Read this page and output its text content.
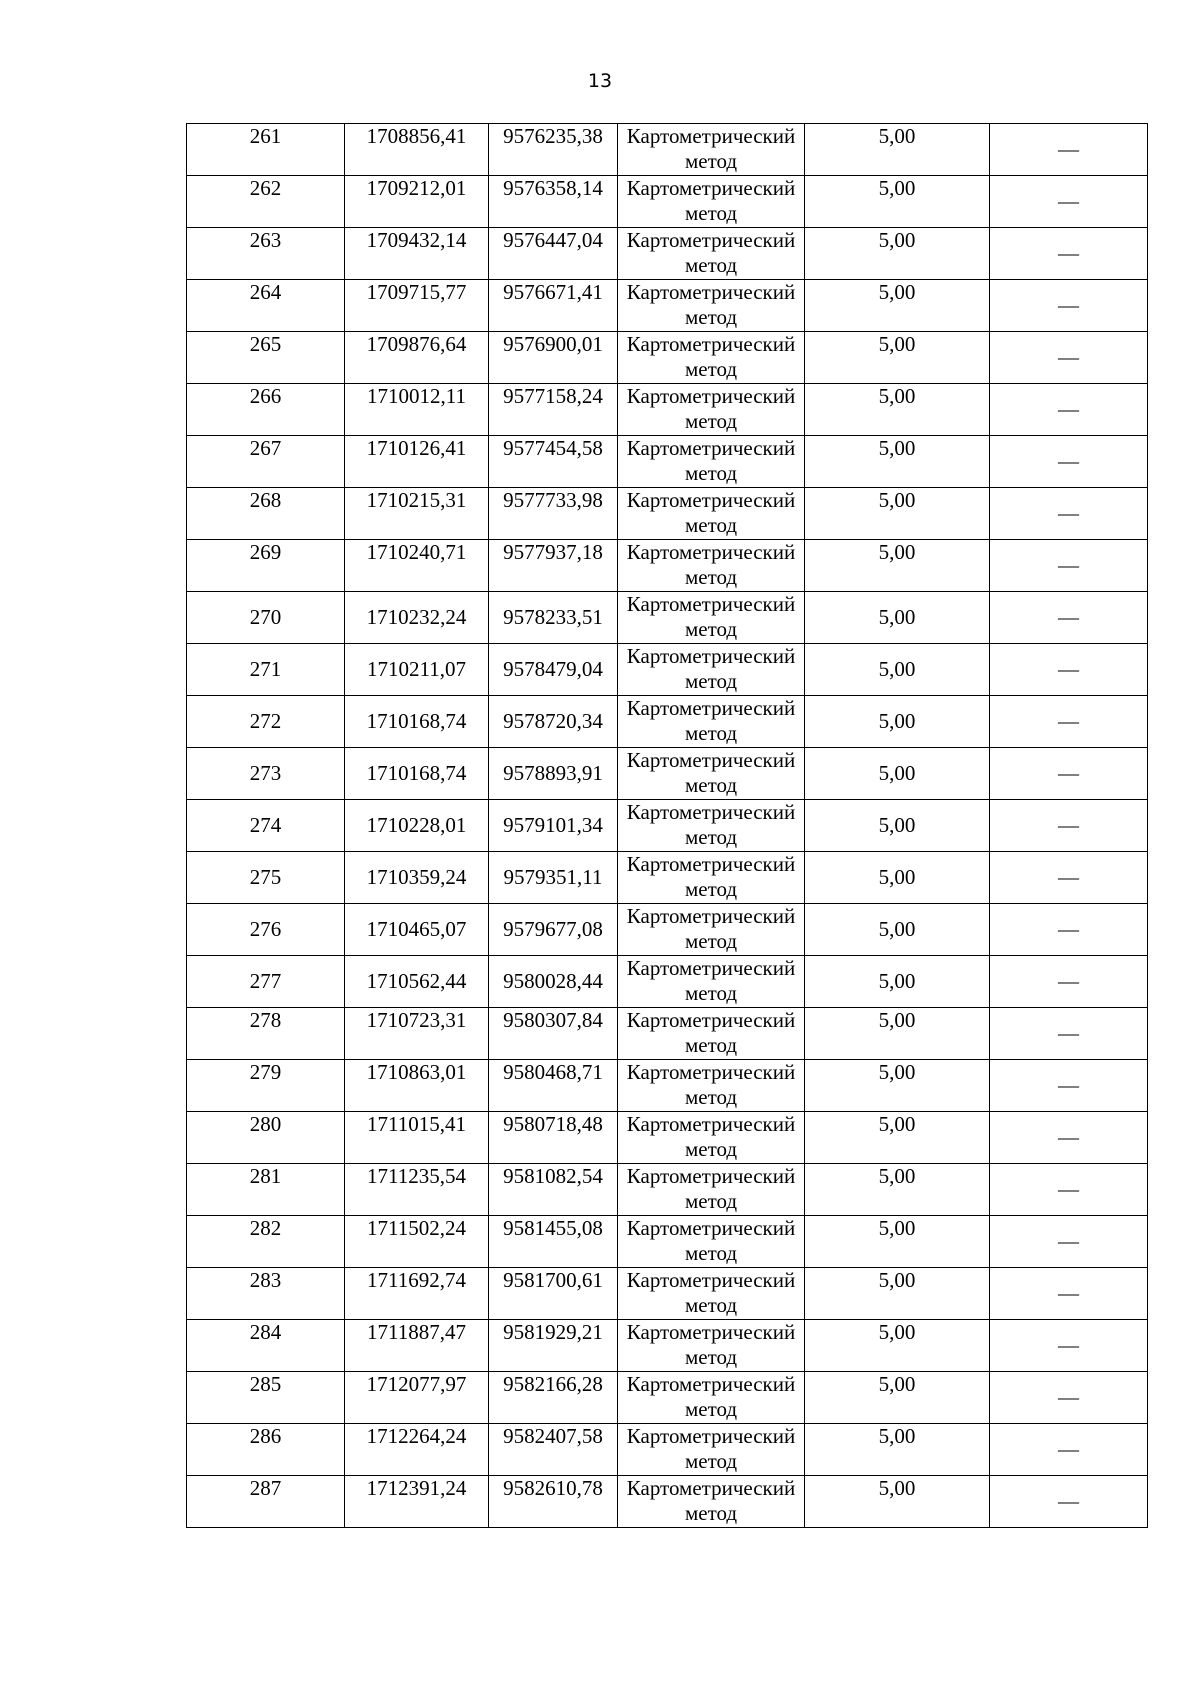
13
261	1708856,41	9576235,38	Картометрический
метод	5,00	—
262	1709212,01	9576358,14	Картометрический
метод	5,00	—
263	1709432,14	9576447,04	Картометрический
метод	5,00	—
264	1709715,77	9576671,41	Картометрический
метод	5,00	—
265	1709876,64	9576900,01	Картометрический
метод	5,00	—
266	1710012,11	9577158,24	Картометрический
метод	5,00	—
267	1710126,41	9577454,58	Картометрический
метод	5,00	—
268	1710215,31	9577733,98	Картометрический
метод	5,00	—
269	1710240,71	9577937,18	Картометрический
метод	5,00	—
270	1710232,24	9578233,51	Картометрический
метод	5,00	—
271	1710211,07	9578479,04	Картометрический
метод	5,00	—
272	1710168,74	9578720,34	Картометрический
метод	5,00	—
273	1710168,74	9578893,91	Картометрический
метод	5,00	—
274	1710228,01	9579101,34	Картометрический
метод	5,00	—
275	1710359,24	9579351,11	Картометрический
метод	5,00	—
276	1710465,07	9579677,08	Картометрический
метод	5,00	—
277	1710562,44	9580028,44	Картометрический
метод	5,00	—
278	1710723,31	9580307,84	Картометрический
метод	5,00	—
279	1710863,01	9580468,71	Картометрический
метод	5,00	—
280	1711015,41	9580718,48	Картометрический
метод	5,00	—
281	1711235,54	9581082,54	Картометрический
метод	5,00	—
282	1711502,24	9581455,08	Картометрический
метод	5,00	—
283	1711692,74	9581700,61	Картометрический
метод	5,00	—
284	1711887,47	9581929,21	Картометрический
метод	5,00	—
285	1712077,97	9582166,28	Картометрический
метод	5,00	—
286	1712264,24	9582407,58	Картометрический
метод	5,00	—
287	1712391,24	9582610,78	Картометрический
метод	5,00	—
